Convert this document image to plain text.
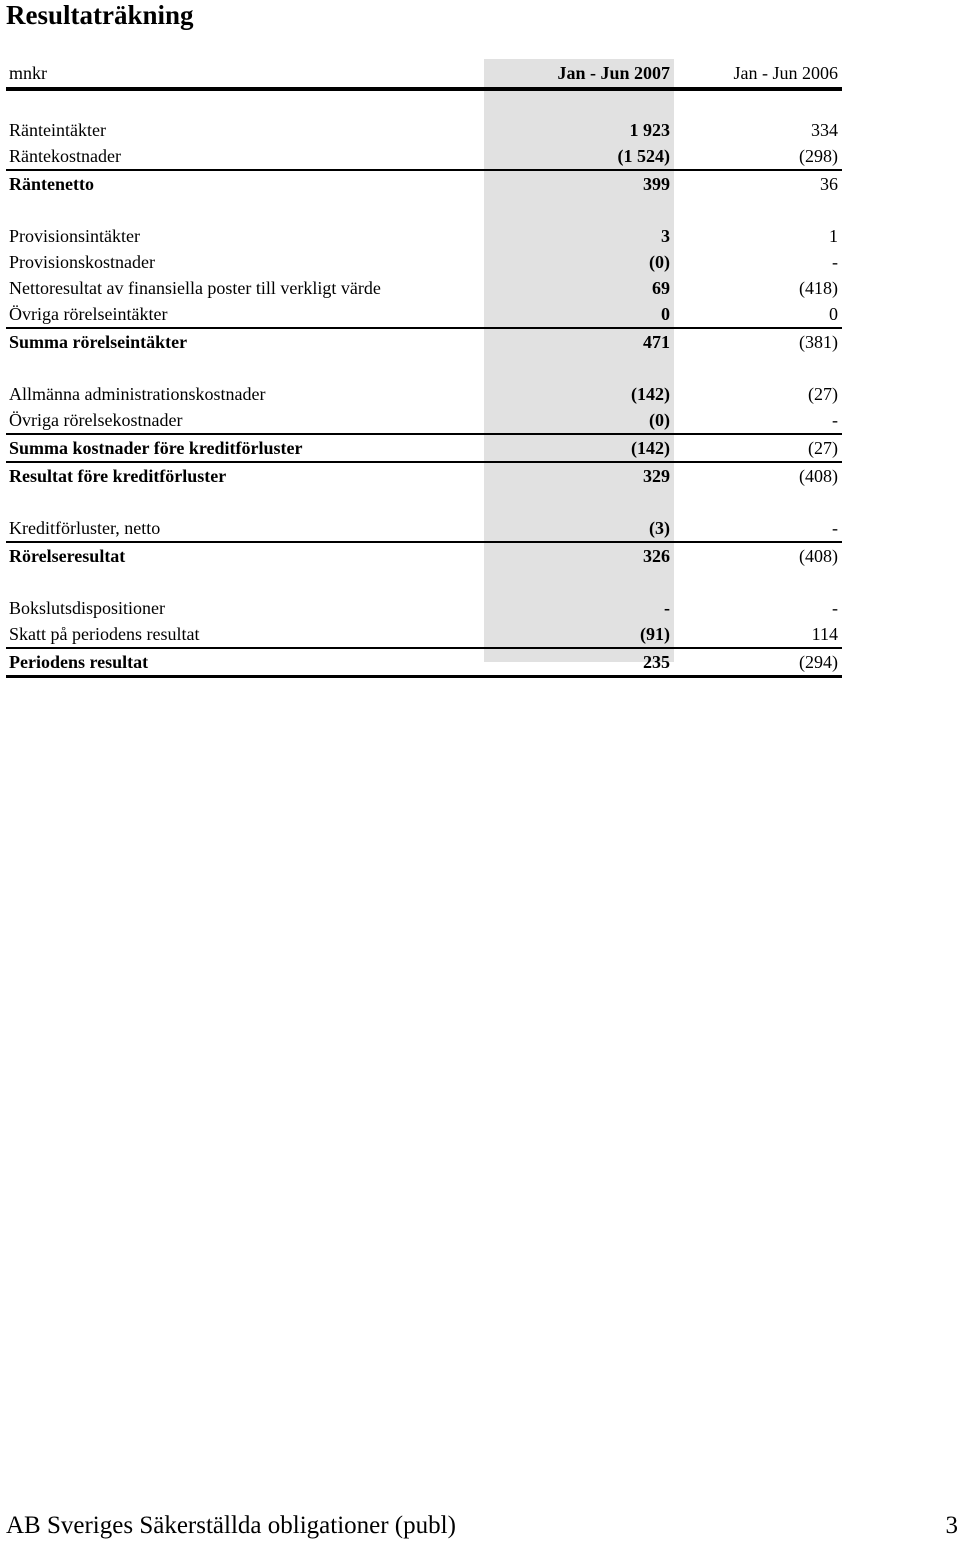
Resultaträkning
mnkr	Jan - Jun 2007	Jan - Jun 2006
Ränteintäkter	1 923	334
Räntekostnader	(1 524)	(298)
Räntenetto	399	36
Provisionsintäkter	3	1
Provisionskostnader	(0)	-
Nettoresultat av finansiella poster till verkligt värde	69	(418)
Övriga rörelseintäkter	0	0
Summa rörelseintäkter	471	(381)
Allmänna administrationskostnader	(142)	(27)
Övriga rörelsekostnader	(0)	-
Summa kostnader före kreditförluster	(142)	(27)
Resultat före kreditförluster	329	(408)
Kreditförluster, netto	(3)	-
Rörelseresultat	326	(408)
Bokslutsdispositioner	-	-
Skatt på periodens resultat	(91)	114
Periodens resultat	235	(294)
AB Sveriges Säkerställda obligationer (publ)	3
